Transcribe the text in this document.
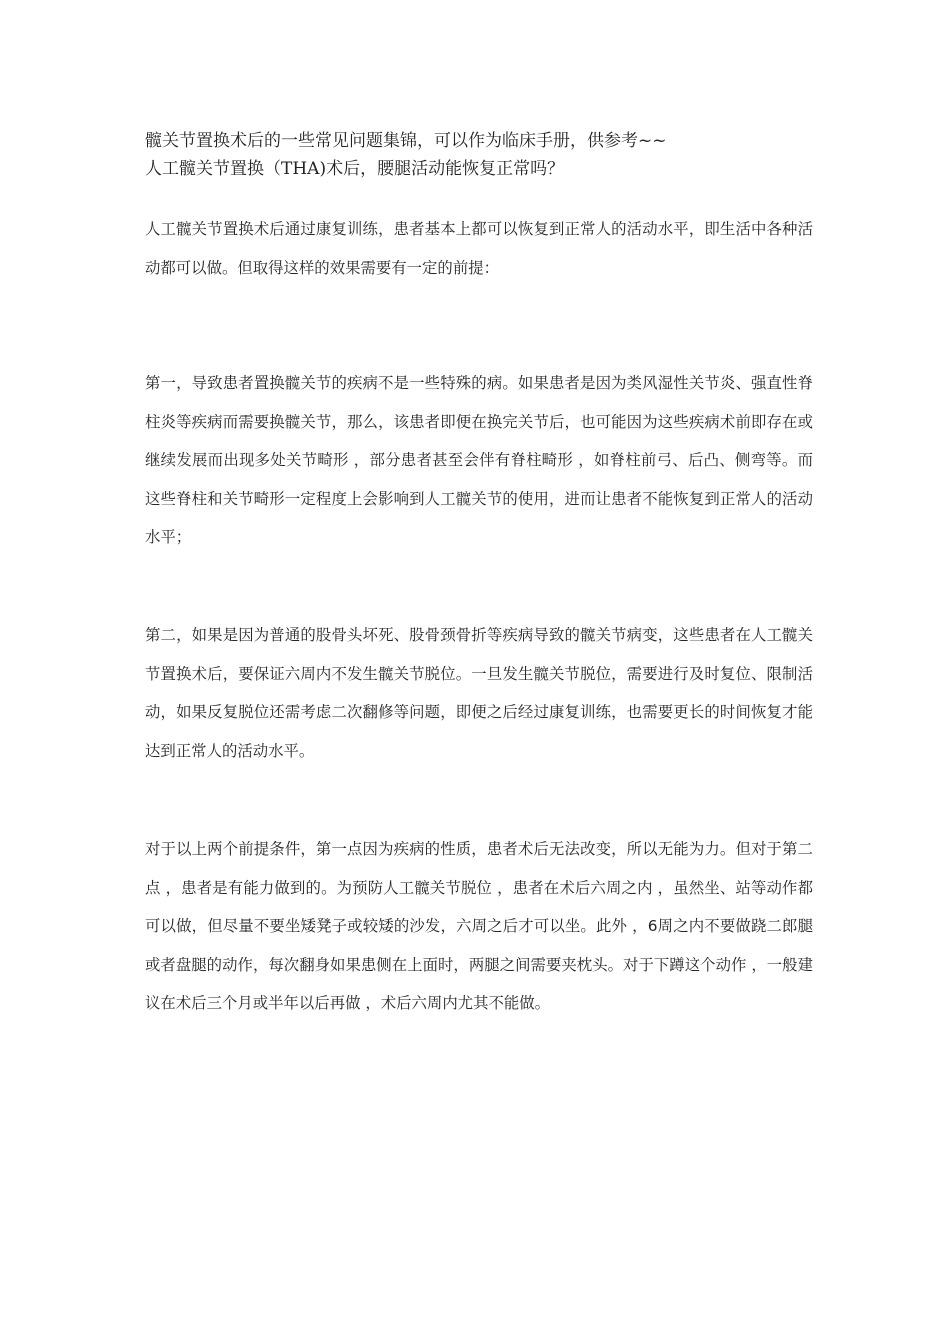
髋关节置换术后的一些常见问题集锦，可以作为临床手册，供参考~~
人工髋关节置换（THA)术后，腰腿活动能恢复正常吗？

人工髋关节置换术后通过康复训练，患者基本上都可以恢复到正常人的活动水平，即生活中各种活动都可以做。但取得这样的效果需要有一定的前提：

第一，导致患者置换髋关节的疾病不是一些特殊的病。如果患者是因为类风湿性关节炎、强直性脊柱炎等疾病而需要换髋关节，那么，该患者即便在换完关节后，也可能因为这些疾病术前即存在或继续发展而出现多处关节畸形 ，部分患者甚至会伴有脊柱畸形 ，如脊柱前弓、后凸、侧弯等。而这些脊柱和关节畸形一定程度上会影响到人工髋关节的使用，进而让患者不能恢复到正常人的活动水平；

第二，如果是因为普通的股骨头坏死、股骨颈骨折等疾病导致的髋关节病变，这些患者在人工髋关节置换术后，要保证六周内不发生髋关节脱位。一旦发生髋关节脱位，需要进行及时复位、限制活动，如果反复脱位还需考虑二次翻修等问题，即便之后经过康复训练，也需要更长的时间恢复才能达到正常人的活动水平。

对于以上两个前提条件，第一点因为疾病的性质，患者术后无法改变，所以无能为力。但对于第二点 ，患者是有能力做到的。为预防人工髋关节脱位 ，患者在术后六周之内 ，虽然坐、站等动作都可以做，但尽量不要坐矮凳子或较矮的沙发，六周之后才可以坐。此外 ，6周之内不要做跷二郎腿或者盘腿的动作，每次翻身如果患侧在上面时，两腿之间需要夹枕头。对于下蹲这个动作 ，一般建议在术后三个月或半年以后再做 ，术后六周内尤其不能做。
